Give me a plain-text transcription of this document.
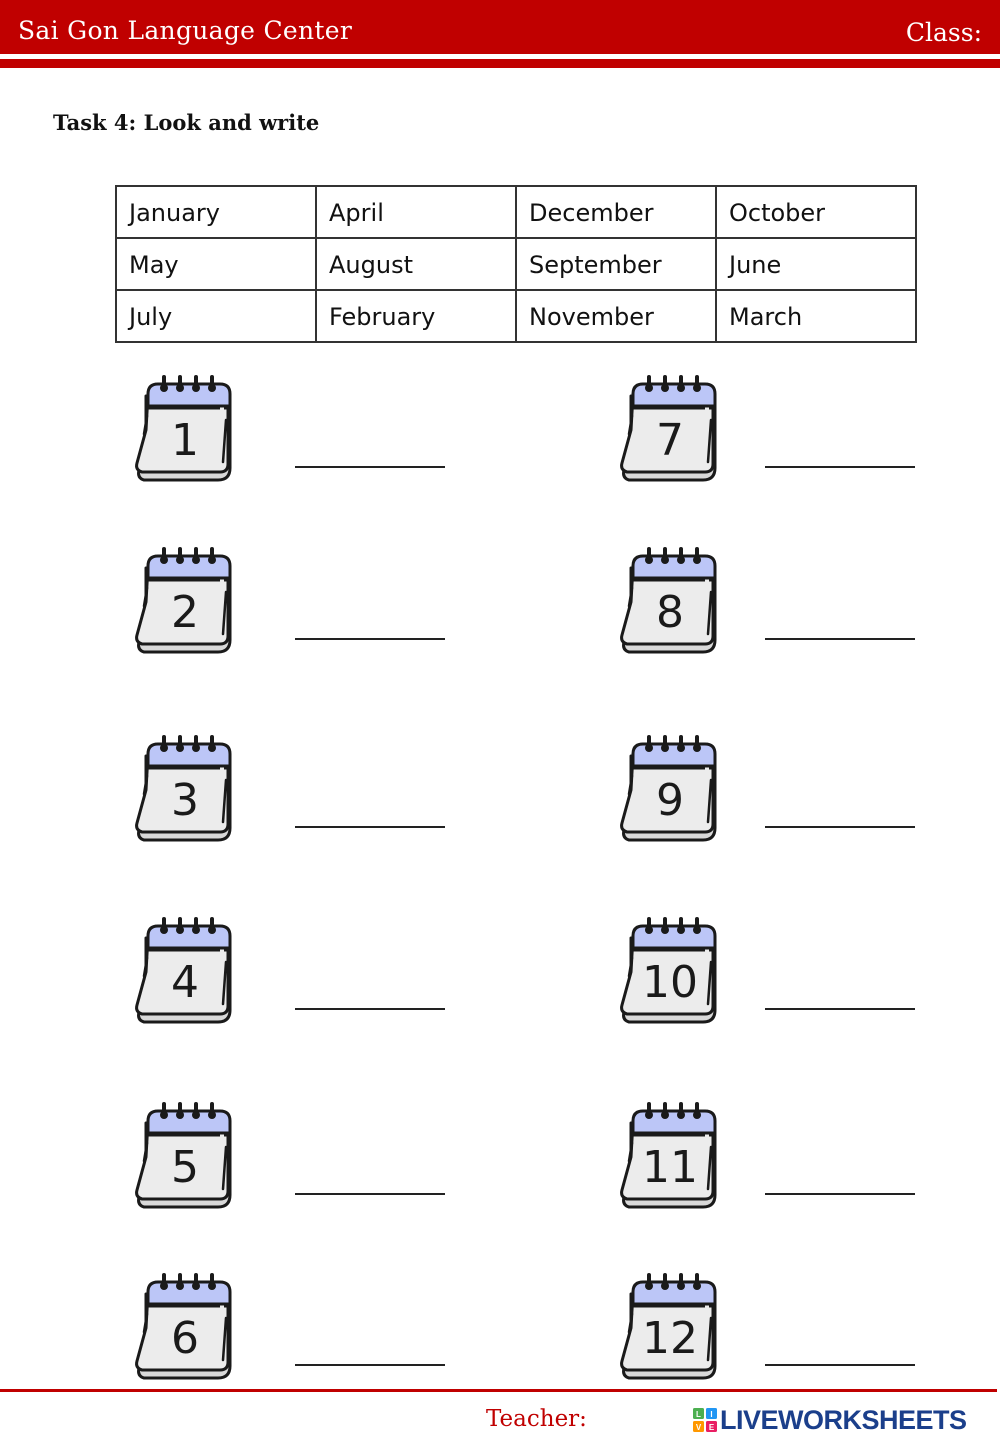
Sai Gon Language Center	Class:
Task 4: Look and write
January	April	December	October
May	August	September	June
July	February	November	March
1
2
3
4
5
6
7
8
9
10
11
12
Teacher:	L I
V E LIVEWORKSHEETS
